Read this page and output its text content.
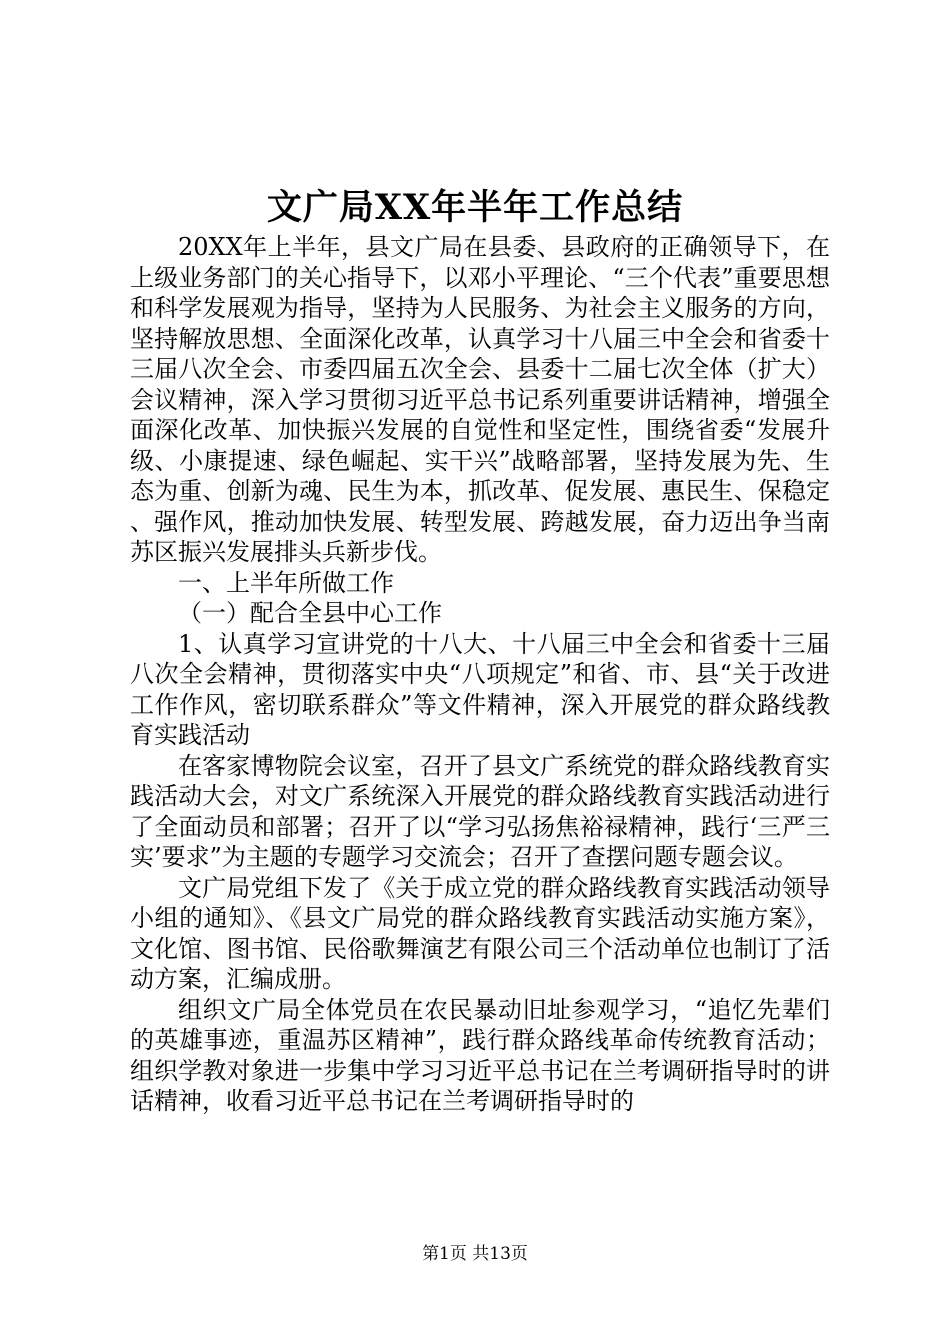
文广局XX年半年工作总结

20XX年上半年，县文广局在县委、县政府的正确领导下，在上级业务部门的关心指导下，以邓小平理论、“三个代表”重要思想和科学发展观为指导，坚持为人民服务、为社会主义服务的方向，坚持解放思想、全面深化改革，认真学习十八届三中全会和省委十三届八次全会、市委四届五次全会、县委十二届七次全体（扩大）会议精神，深入学习贯彻习近平总书记系列重要讲话精神，增强全面深化改革、加快振兴发展的自觉性和坚定性，围绕省委“发展升级、小康提速、绿色崛起、实干兴”战略部署，坚持发展为先、生态为重、创新为魂、民生为本，抓改革、促发展、惠民生、保稳定、强作风，推动加快发展、转型发展、跨越发展，奋力迈出争当南苏区振兴发展排头兵新步伐。

一、上半年所做工作

（一）配合全县中心工作

1、认真学习宣讲党的十八大、十八届三中全会和省委十三届八次全会精神，贯彻落实中央“八项规定”和省、市、县“关于改进工作作风，密切联系群众”等文件精神，深入开展党的群众路线教育实践活动

在客家博物院会议室，召开了县文广系统党的群众路线教育实践活动大会，对文广系统深入开展党的群众路线教育实践活动进行了全面动员和部署；召开了以“学习弘扬焦裕禄精神，践行‘三严三实’要求”为主题的专题学习交流会；召开了查摆问题专题会议。

文广局党组下发了《关于成立党的群众路线教育实践活动领导小组的通知》、《县文广局党的群众路线教育实践活动实施方案》，文化馆、图书馆、民俗歌舞演艺有限公司三个活动单位也制订了活动方案，汇编成册。

组织文广局全体党员在农民暴动旧址参观学习，“追忆先辈们的英雄事迹，重温苏区精神”，践行群众路线革命传统教育活动；组织学教对象进一步集中学习习近平总书记在兰考调研指导时的讲话精神，收看习近平总书记在兰考调研指导时的

第1页 共13页
